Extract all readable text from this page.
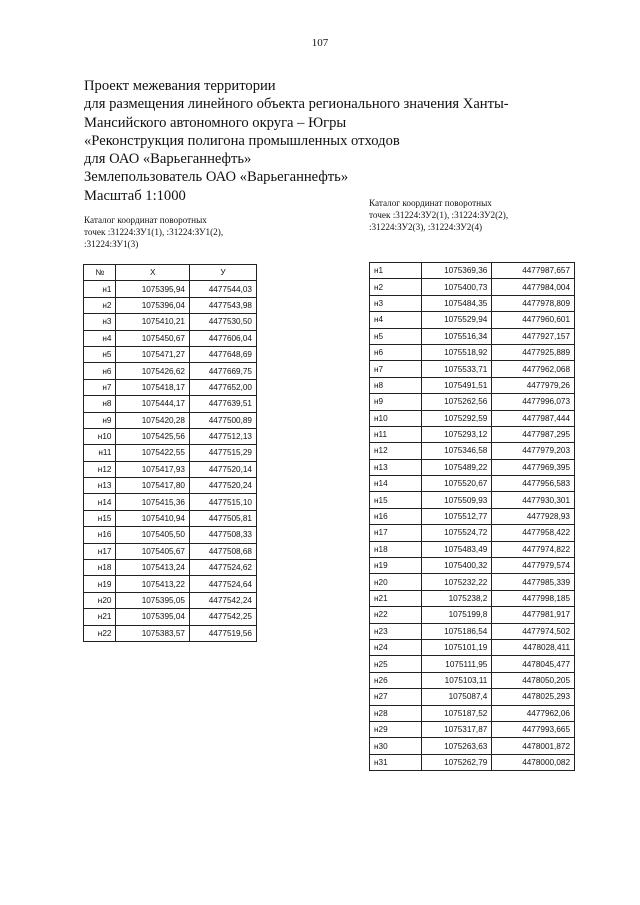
107
Проект межевания территории
для размещения линейного объекта регионального значения Ханты-
Мансийского автономного округа – Югры
«Реконструкция полигона промышленных отходов
для ОАО «Варьеганнефть»
Землепользователь ОАО «Варьеганнефть»
Масштаб 1:1000
Каталог координат поворотных
точек :31224:ЗУ1(1), :31224:ЗУ1(2),
:31224:ЗУ1(3)
Каталог координат поворотных
точек :31224:ЗУ2(1), :31224:ЗУ2(2),
:31224:ЗУ2(3), :31224:ЗУ2(4)
№	X	У
н1	1075395,94	4477544,03
н2	1075396,04	4477543,98
н3	1075410,21	4477530,50
н4	1075450,67	4477606,04
н5	1075471,27	4477648,69
н6	1075426,62	4477669,75
н7	1075418,17	4477652,00
н8	1075444,17	4477639,51
н9	1075420,28	4477500,89
н10	1075425,56	4477512,13
н11	1075422,55	4477515,29
н12	1075417,93	4477520,14
н13	1075417,80	4477520,24
н14	1075415,36	4477515,10
н15	1075410,94	4477505,81
н16	1075405,50	4477508,33
н17	1075405,67	4477508,68
н18	1075413,24	4477524,62
н19	1075413,22	4477524,64
н20	1075395,05	4477542,24
н21	1075395,04	4477542,25
н22	1075383,57	4477519,56
н1	1075369,36	4477987,657
н2	1075400,73	4477984,004
н3	1075484,35	4477978,809
н4	1075529,94	4477960,601
н5	1075516,34	4477927,157
н6	1075518,92	4477925,889
н7	1075533,71	4477962,068
н8	1075491,51	4477979,26
н9	1075262,56	4477996,073
н10	1075292,59	4477987,444
н11	1075293,12	4477987,295
н12	1075346,58	4477979,203
н13	1075489,22	4477969,395
н14	1075520,67	4477956,583
н15	1075509,93	4477930,301
н16	1075512,77	4477928,93
н17	1075524,72	4477958,422
н18	1075483,49	4477974,822
н19	1075400,32	4477979,574
н20	1075232,22	4477985,339
н21	1075238,2	4477998,185
н22	1075199,8	4477981,917
н23	1075186,54	4477974,502
н24	1075101,19	4478028,411
н25	1075111,95	4478045,477
н26	1075103,11	4478050,205
н27	1075087,4	4478025,293
н28	1075187,52	4477962,06
н29	1075317,87	4477993,665
н30	1075263,63	4478001,872
н31	1075262,79	4478000,082
